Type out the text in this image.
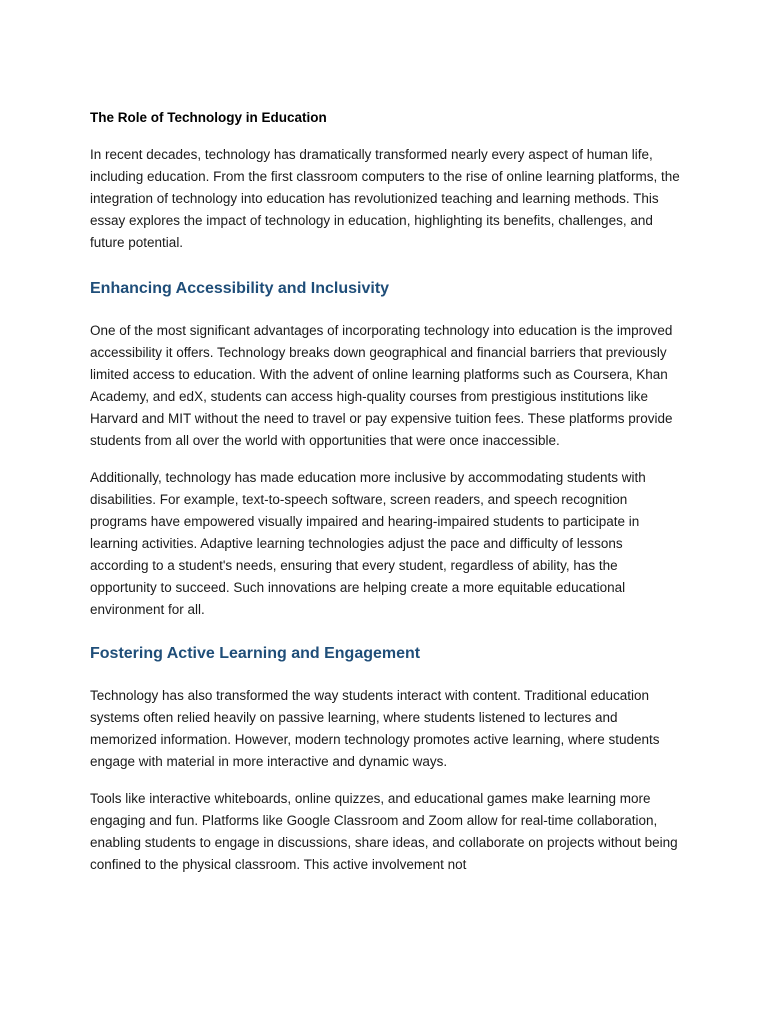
The Role of Technology in Education

In recent decades, technology has dramatically transformed nearly every aspect of human life, including education. From the first classroom computers to the rise of online learning platforms, the integration of technology into education has revolutionized teaching and learning methods. This essay explores the impact of technology in education, highlighting its benefits, challenges, and future potential.

Enhancing Accessibility and Inclusivity

One of the most significant advantages of incorporating technology into education is the improved accessibility it offers. Technology breaks down geographical and financial barriers that previously limited access to education. With the advent of online learning platforms such as Coursera, Khan Academy, and edX, students can access high-quality courses from prestigious institutions like Harvard and MIT without the need to travel or pay expensive tuition fees. These platforms provide students from all over the world with opportunities that were once inaccessible.

Additionally, technology has made education more inclusive by accommodating students with disabilities. For example, text-to-speech software, screen readers, and speech recognition programs have empowered visually impaired and hearing-impaired students to participate in learning activities. Adaptive learning technologies adjust the pace and difficulty of lessons according to a student's needs, ensuring that every student, regardless of ability, has the opportunity to succeed. Such innovations are helping create a more equitable educational environment for all.

Fostering Active Learning and Engagement

Technology has also transformed the way students interact with content. Traditional education systems often relied heavily on passive learning, where students listened to lectures and memorized information. However, modern technology promotes active learning, where students engage with material in more interactive and dynamic ways.

Tools like interactive whiteboards, online quizzes, and educational games make learning more engaging and fun. Platforms like Google Classroom and Zoom allow for real-time collaboration, enabling students to engage in discussions, share ideas, and collaborate on projects without being confined to the physical classroom. This active involvement not
